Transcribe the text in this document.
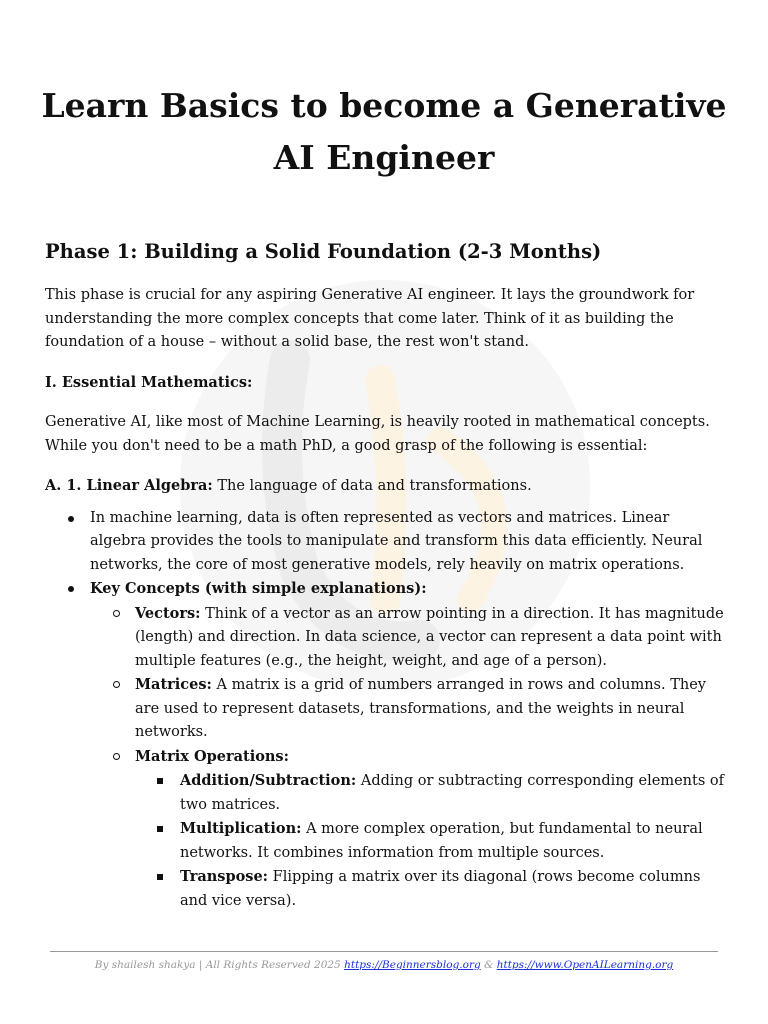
Learn Basics to become a Generative AI Engineer
Phase 1: Building a Solid Foundation (2-3 Months)

This phase is crucial for any aspiring Generative AI engineer. It lays the groundwork for understanding the more complex concepts that come later. Think of it as building the foundation of a house – without a solid base, the rest won't stand.

I. Essential Mathematics:

Generative AI, like most of Machine Learning, is heavily rooted in mathematical concepts. While you don't need to be a math PhD, a good grasp of the following is essential:

A. 1. Linear Algebra: The language of data and transformations.

In machine learning, data is often represented as vectors and matrices. Linear algebra provides the tools to manipulate and transform this data efficiently. Neural networks, the core of most generative models, rely heavily on matrix operations.
Key Concepts (with simple explanations):
Vectors: Think of a vector as an arrow pointing in a direction. It has magnitude (length) and direction. In data science, a vector can represent a data point with multiple features (e.g., the height, weight, and age of a person).
Matrices: A matrix is a grid of numbers arranged in rows and columns. They are used to represent datasets, transformations, and the weights in neural networks.
Matrix Operations:
Addition/Subtraction: Adding or subtracting corresponding elements of two matrices.
Multiplication: A more complex operation, but fundamental to neural networks. It combines information from multiple sources.
Transpose: Flipping a matrix over its diagonal (rows become columns and vice versa).
By shailesh shakya | All Rights Reserved 2025 https://Beginnersblog.org & https://www.OpenAILearning.org
